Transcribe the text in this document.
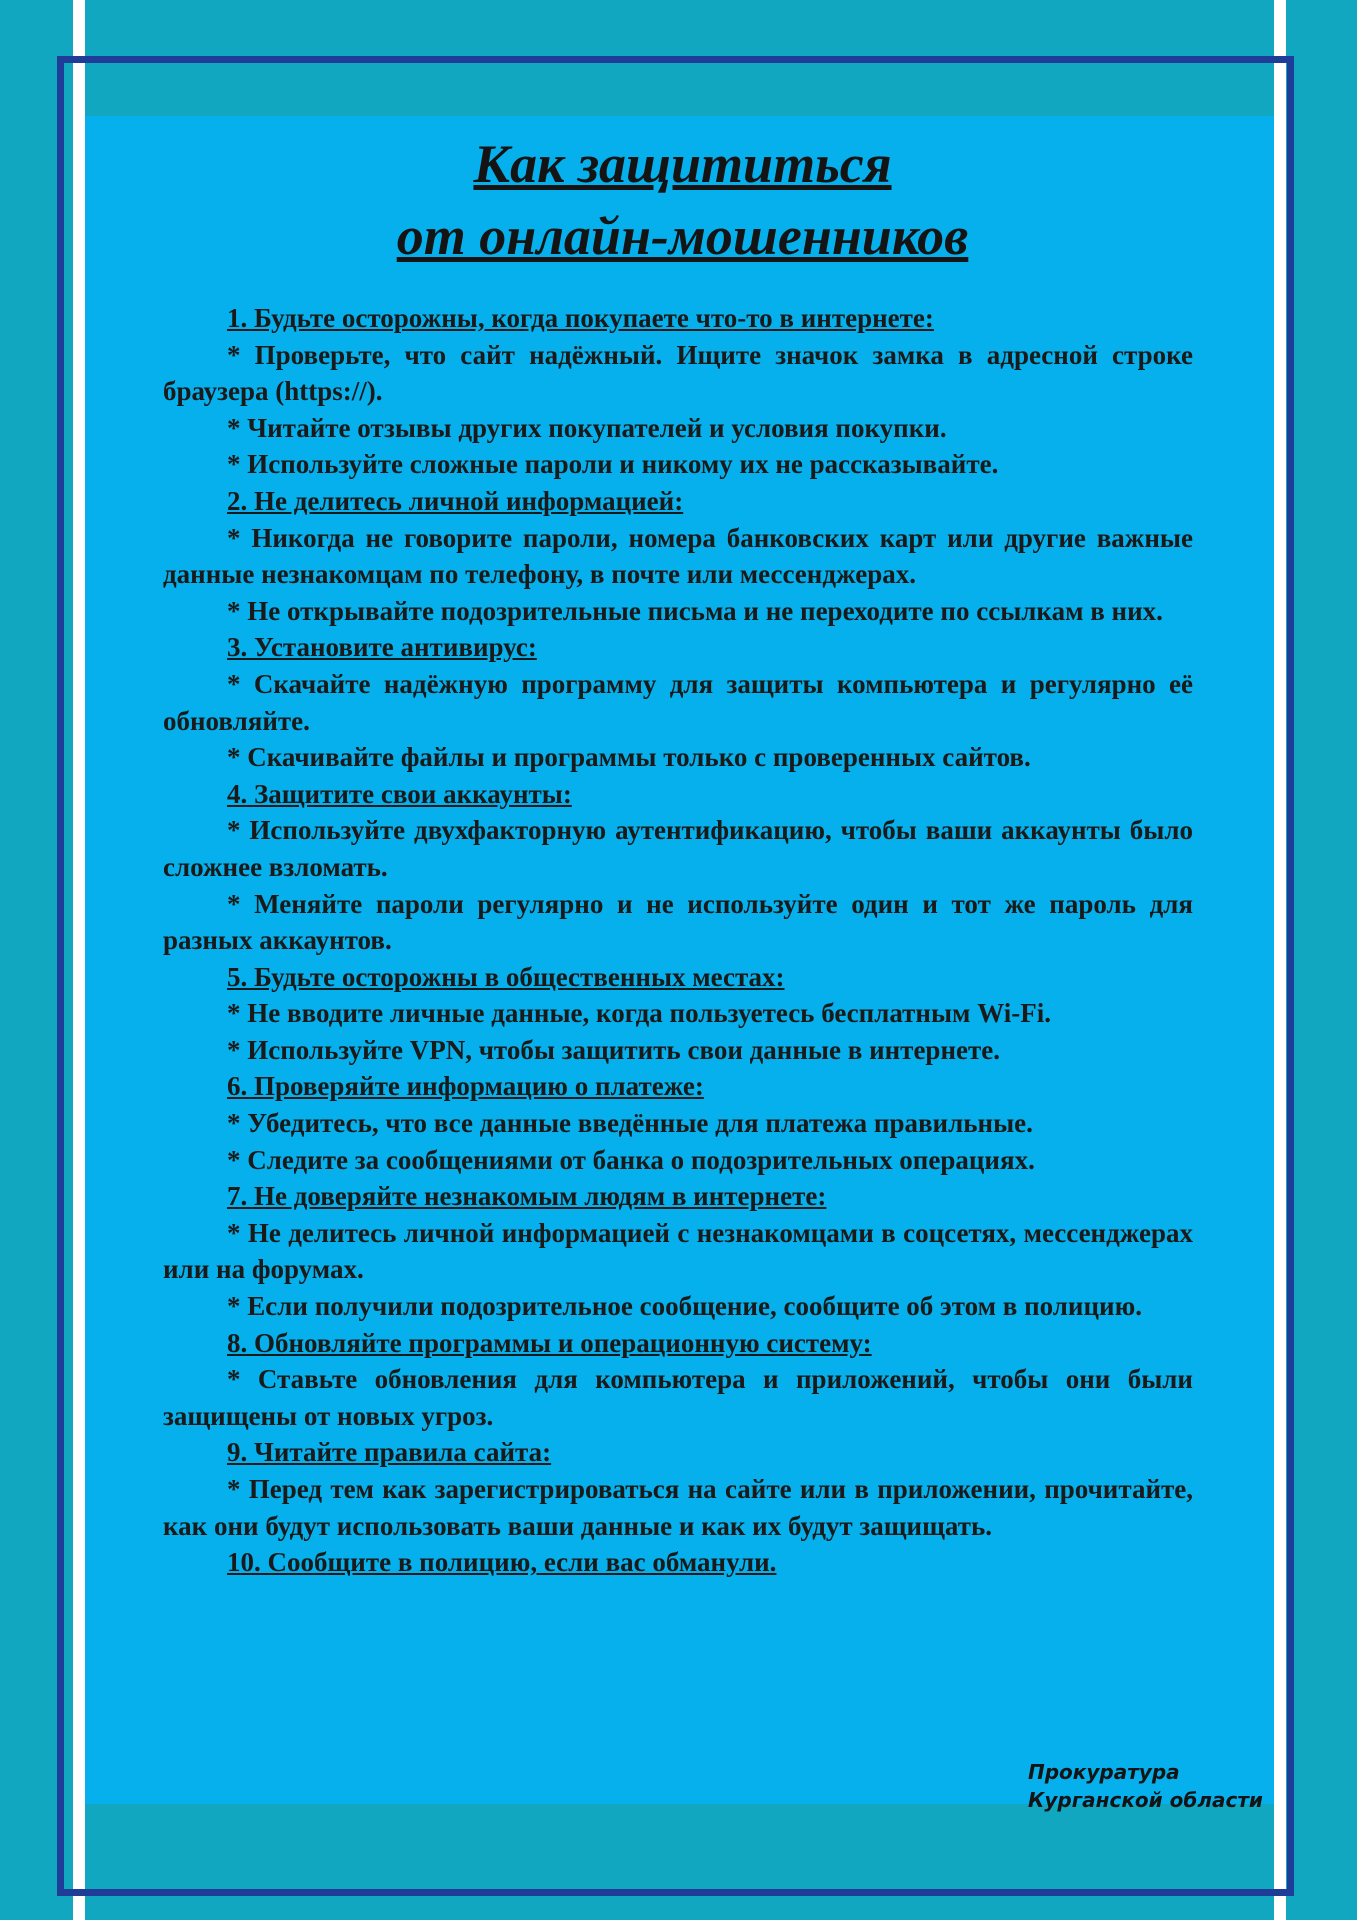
Как защититься
от онлайн-мошенников

1. Будьте осторожны, когда покупаете что-то в интернете:

* Проверьте, что сайт надёжный. Ищите значок замка в адресной строке браузера (https://).

* Читайте отзывы других покупателей и условия покупки.

* Используйте сложные пароли и никому их не рассказывайте.

2. Не делитесь личной информацией:

* Никогда не говорите пароли, номера банковских карт или другие важные данные незнакомцам по телефону, в почте или мессенджерах.

* Не открывайте подозрительные письма и не переходите по ссылкам в них.

3. Установите антивирус:

* Скачайте надёжную программу для защиты компьютера и регулярно её обновляйте.

* Скачивайте файлы и программы только с проверенных сайтов.

4. Защитите свои аккаунты:

* Используйте двухфакторную аутентификацию, чтобы ваши аккаунты было сложнее взломать.

* Меняйте пароли регулярно и не используйте один и тот же пароль для разных аккаунтов.

5. Будьте осторожны в общественных местах:

* Не вводите личные данные, когда пользуетесь бесплатным Wi-Fi.

* Используйте VPN, чтобы защитить свои данные в интернете.

6. Проверяйте информацию о платеже:

* Убедитесь, что все данные введённые для платежа правильные.

* Следите за сообщениями от банка о подозрительных операциях.

7. Не доверяйте незнакомым людям в интернете:

* Не делитесь личной информацией с незнакомцами в соцсетях, мессенджерах или на форумах.

* Если получили подозрительное сообщение, сообщите об этом в полицию.

8. Обновляйте программы и операционную систему:

* Ставьте обновления для компьютера и приложений, чтобы они были защищены от новых угроз.

9. Читайте правила сайта:

* Перед тем как зарегистрироваться на сайте или в приложении, прочитайте, как они будут использовать ваши данные и как их будут защищать.

10. Сообщите в полицию, если вас обманули.

Прокуратура
Курганской области
